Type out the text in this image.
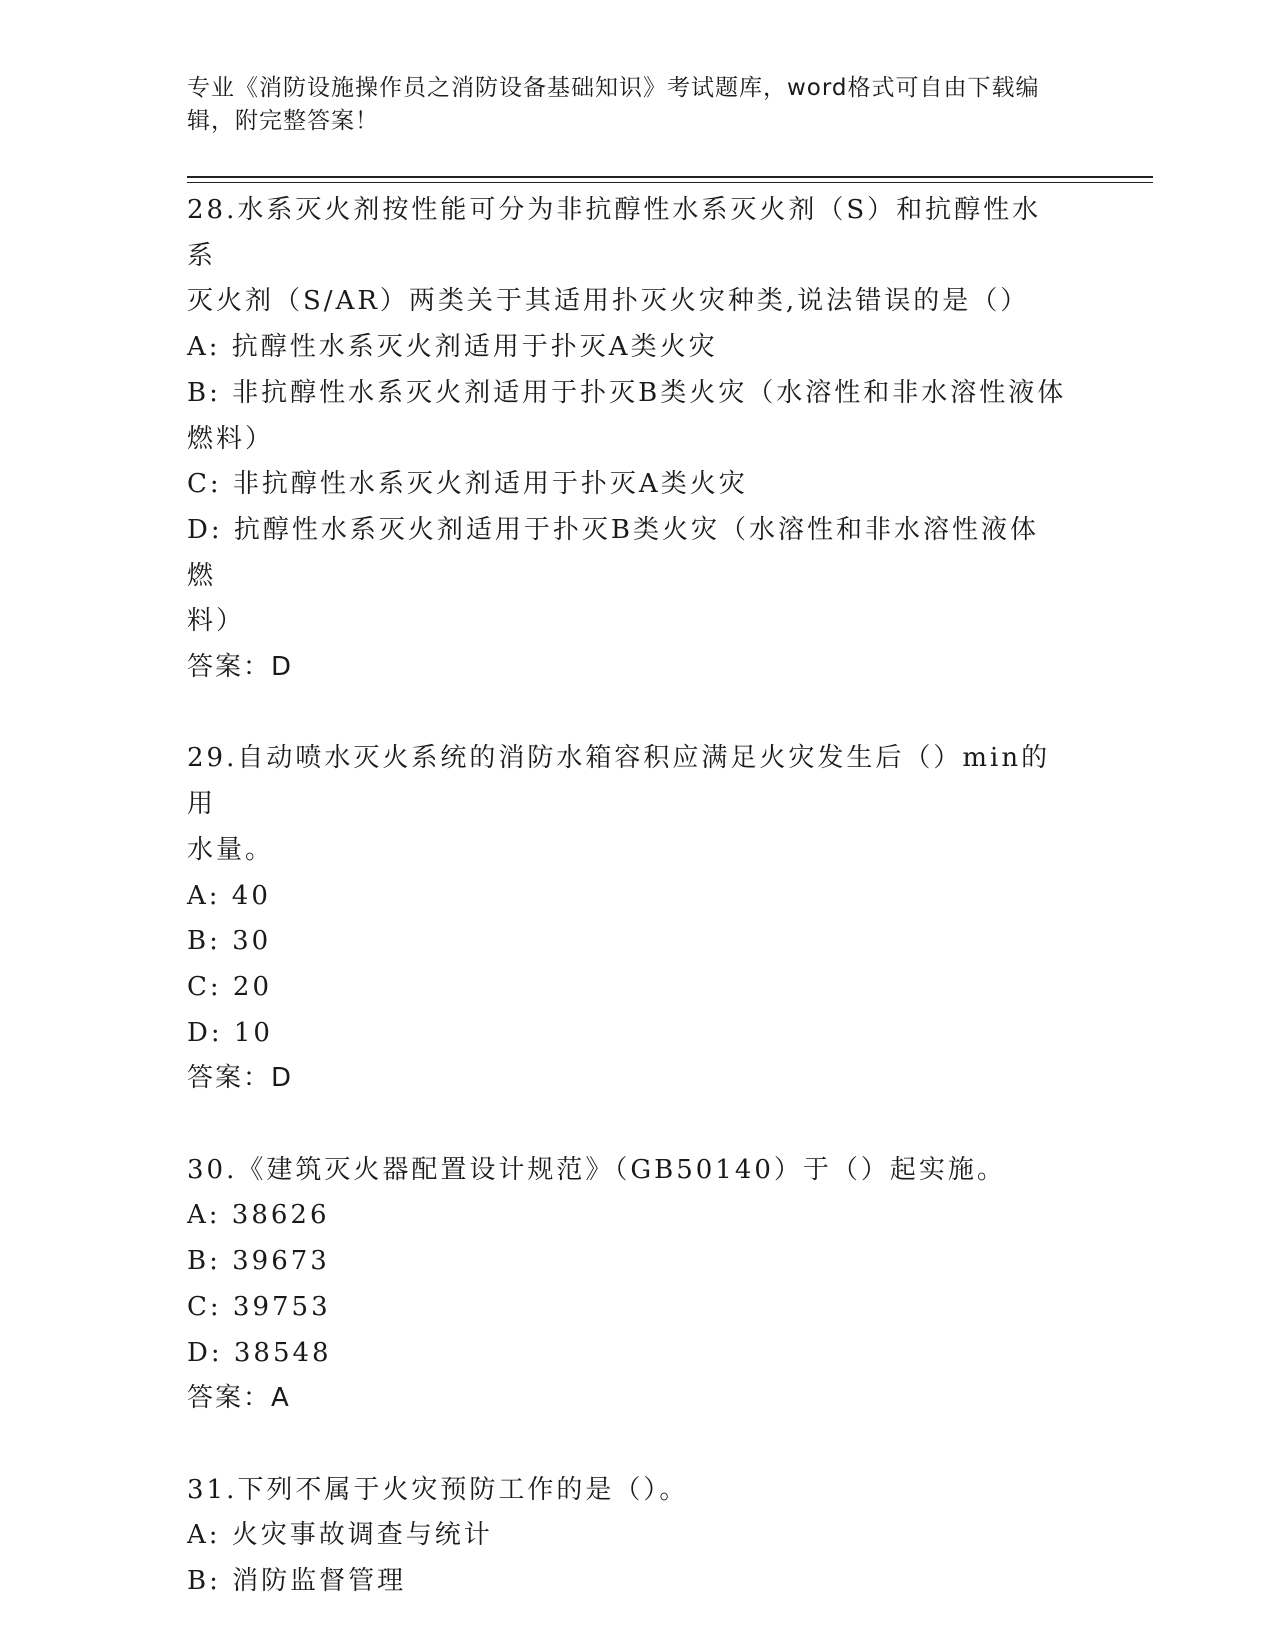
专业《消防设施操作员之消防设备基础知识》考试题库，word格式可自由下载编
辑，附完整答案！
28.水系灭火剂按性能可分为非抗醇性水系灭火剂（S）和抗醇性水系
灭火剂（S/AR）两类关于其适用扑灭火灾种类,说法错误的是（）
A: 抗醇性水系灭火剂适用于扑灭A类火灾
B: 非抗醇性水系灭火剂适用于扑灭B类火灾（水溶性和非水溶性液体
燃料）
C: 非抗醇性水系灭火剂适用于扑灭A类火灾
D: 抗醇性水系灭火剂适用于扑灭B类火灾（水溶性和非水溶性液体燃
料）
答案：D
29.自动喷水灭火系统的消防水箱容积应满足火灾发生后（）min的用
水量。
A: 40
B: 30
C: 20
D: 10
答案：D
30.《建筑灭火器配置设计规范》（GB50140）于（）起实施。
A: 38626
B: 39673
C: 39753
D: 38548
答案：A
31.下列不属于火灾预防工作的是（）。
A: 火灾事故调查与统计
B: 消防监督管理
